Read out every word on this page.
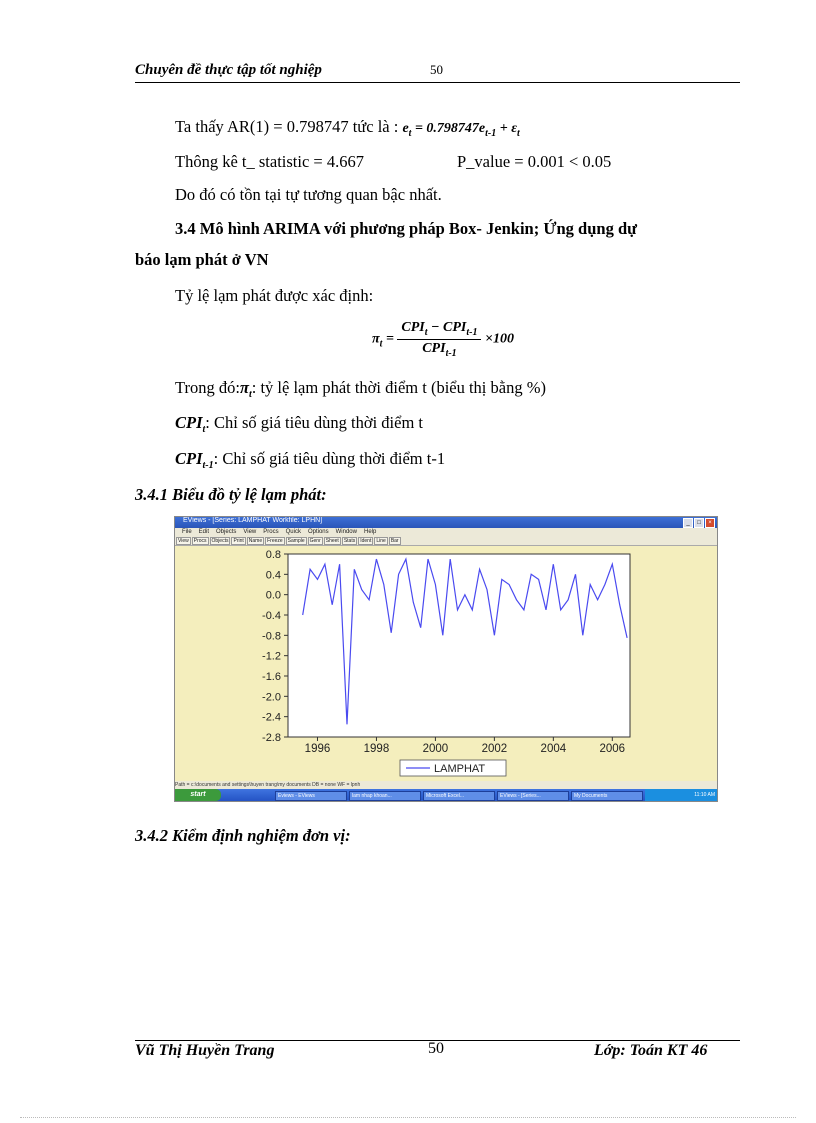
Chuyên đề thực tập tốt nghiệp	50
Ta thấy AR(1) = 0.798747 tức là : $e_t = 0.798747e_{t-1} + \varepsilon_t$
Thông kê t_ statistic = 4.667	P_value = 0.001 < 0.05
Do đó có tồn tại tự tương quan bậc nhất.
3.4 Mô hình ARIMA với phương pháp Box- Jenkin; Ứng dụng dự
báo lạm phát ở VN
Tỷ lệ lạm phát được xác định:
$\pi_t = \frac{CPI_t - CPI_{t-1}}{CPI_{t-1}} \times 100$
Trong $đó:\pi_t$: tỷ lệ lạm phát thời điểm t (biểu thị bằng %)
$CPI_t$: Chỉ số giá tiêu dùng thời điểm t
$CPI_{t-1}$: Chỉ số giá tiêu dùng thời điểm t-1
3.4.1 Biểu đồ tỷ lệ lạm phát:
EViews - [Series: LAMPHAT Workfile: LPHN]	_	□	×
File Edit Objects View Procs Quick Options Window Help
View Procs Objects Print Name Freeze Sample Genr Sheet Stats Ident Line Bar
0.8
0.4
0.0
-0.4
-0.8
-1.2
-1.6
-2.0
-2.4
-2.8
1996	1998	2000	2002	2004	2006
LAMPHAT
Path = c:\documents and settings\huyen trang\my documents DB = none WF = lpnh
start	11:10 AM
Eviews - EViews	lam nhap khoan...	Microsoft Excel...	EViews - [Series...	My Documents
3.4.2 Kiểm định nghiệm đơn vị:
Vũ Thị Huyền Trang	50	Lớp: Toán KT 46
